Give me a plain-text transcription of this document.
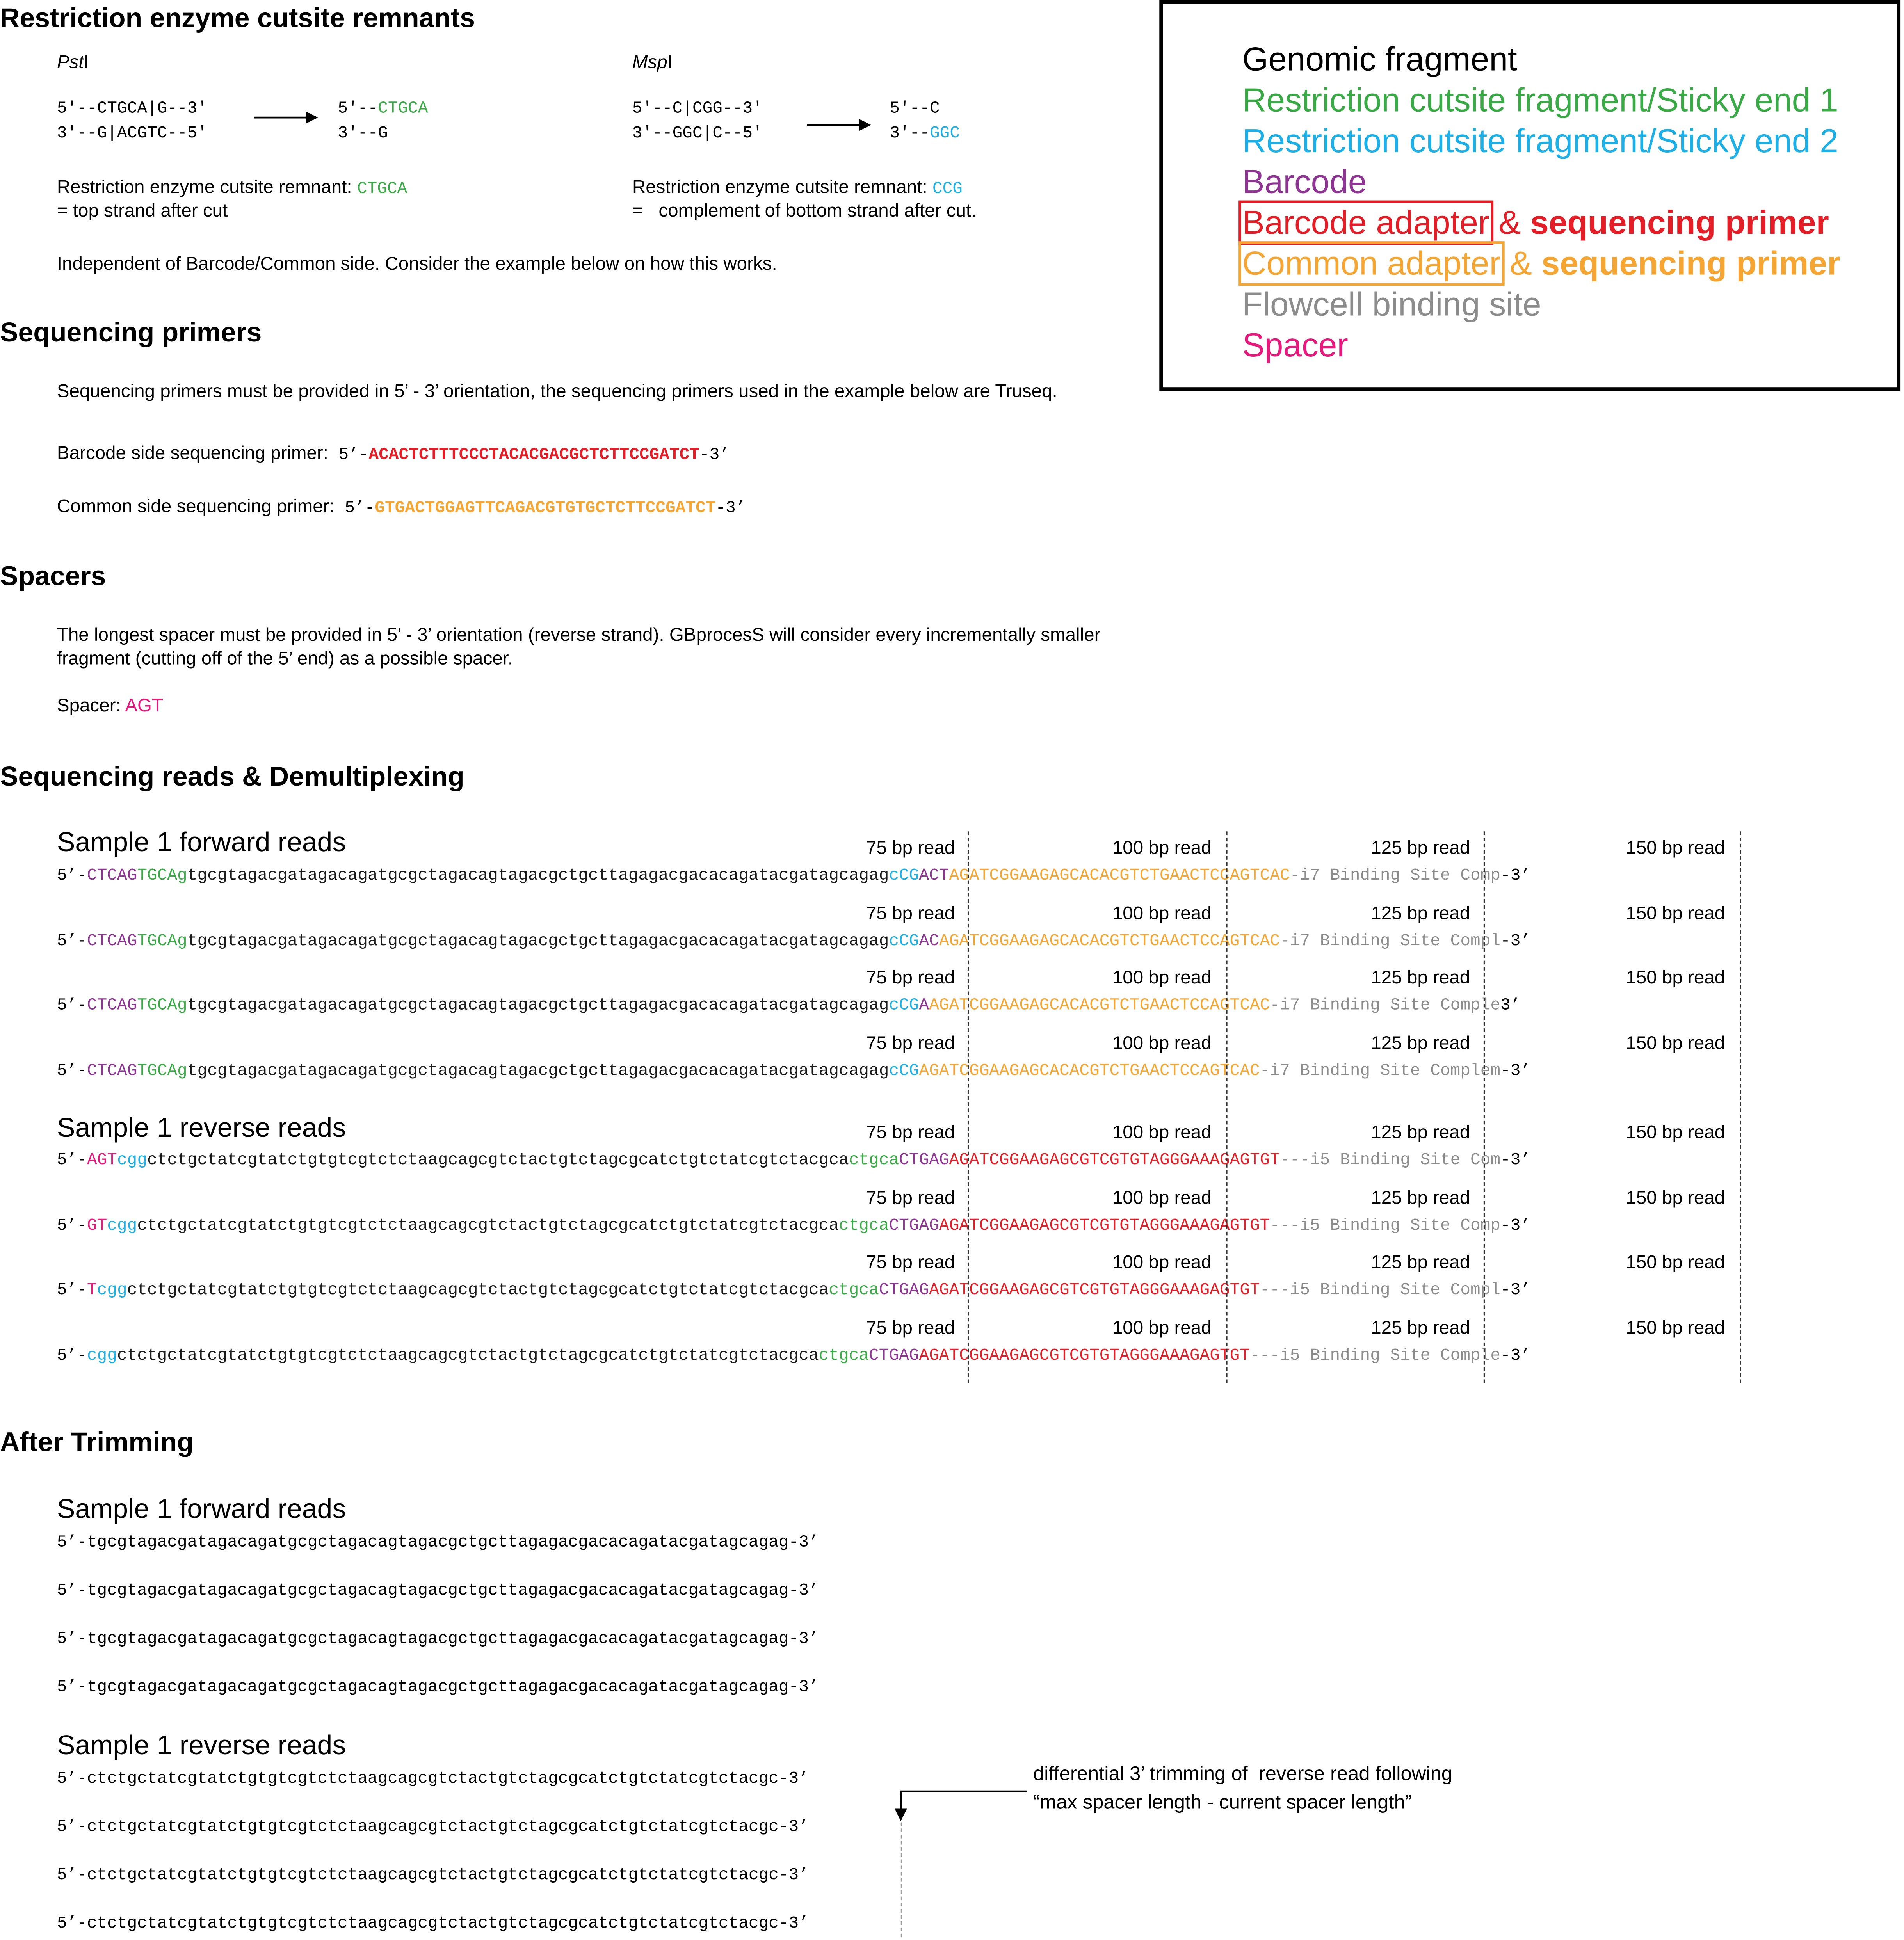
Restriction enzyme cutsite remnants
PstI
5'--CTGCA|G--3'
3'--G|ACGTC--5'
5'--CTGCA
3'--G
Restriction enzyme cutsite remnant: CTGCA
= top strand after cut
MspI
5'--C|CGG--3'
3'--GGC|C--5'
5'--C
3'--GGC
Restriction enzyme cutsite remnant: CCG
=	complement of bottom strand after cut.
Independent of Barcode/Common side. Consider the example below on how this works.
Genomic fragment
Restriction cutsite fragment/Sticky end 1
Restriction cutsite fragment/Sticky end 2
Barcode
Barcode adapter & sequencing primer
Common adapter & sequencing primer
Flowcell binding site
Spacer
Sequencing primers
Sequencing primers must be provided in 5’ - 3’ orientation, the sequencing primers used in the example below are Truseq.
Barcode side sequencing primer: 5’-ACACTCTTTCCCTACACGACGCTCTTCCGATCT-3’
Common side sequencing primer: 5’-GTGACTGGAGTTCAGACGTGTGCTCTTCCGATCT-3’
Spacers
The longest spacer must be provided in 5’ - 3’ orientation (reverse strand). GBprocesS will consider every incrementally smaller
fragment (cutting off of the 5’ end) as a possible spacer.
Spacer: AGT
Sequencing reads & Demultiplexing
Sample 1 forward reads
Sample 1 reverse reads
75 bp read	100 bp read	125 bp read	150 bp read
5’-CTCAGTGCAgtgcgtagacgatagacagatgcgctagacagtagacgctgcttagagacgacacagatacgatagcagagcCGACTAGATCGGAAGAGCACACGTCTGAACTCCAGTCAC-i7 Binding Site Comp-3’
75 bp read	100 bp read	125 bp read	150 bp read
5’-CTCAGTGCAgtgcgtagacgatagacagatgcgctagacagtagacgctgcttagagacgacacagatacgatagcagagcCGACAGATCGGAAGAGCACACGTCTGAACTCCAGTCAC-i7 Binding Site Compl-3’
75 bp read	100 bp read	125 bp read	150 bp read
5’-CTCAGTGCAgtgcgtagacgatagacagatgcgctagacagtagacgctgcttagagacgacacagatacgatagcagagcCGAAGATCGGAAGAGCACACGTCTGAACTCCAGTCAC-i7 Binding Site Comple3’
75 bp read	100 bp read	125 bp read	150 bp read
5’-CTCAGTGCAgtgcgtagacgatagacagatgcgctagacagtagacgctgcttagagacgacacagatacgatagcagagcCGAGATCGGAAGAGCACACGTCTGAACTCCAGTCAC-i7 Binding Site Complem-3’
75 bp read	100 bp read	125 bp read	150 bp read
5’-AGTcggctctgctatcgtatctgtgtcgtctctaagcagcgtctactgtctagcgcatctgtctatcgtctacgcactgcaCTGAGAGATCGGAAGAGCGTCGTGTAGGGAAAGAGTGT---i5 Binding Site Com-3’
75 bp read	100 bp read	125 bp read	150 bp read
5’-GTcggctctgctatcgtatctgtgtcgtctctaagcagcgtctactgtctagcgcatctgtctatcgtctacgcactgcaCTGAGAGATCGGAAGAGCGTCGTGTAGGGAAAGAGTGT---i5 Binding Site Comp-3’
75 bp read	100 bp read	125 bp read	150 bp read
5’-TcggctctgctatcgtatctgtgtcgtctctaagcagcgtctactgtctagcgcatctgtctatcgtctacgcactgcaCTGAGAGATCGGAAGAGCGTCGTGTAGGGAAAGAGTGT---i5 Binding Site Compl-3’
75 bp read	100 bp read	125 bp read	150 bp read
5’-cggctctgctatcgtatctgtgtcgtctctaagcagcgtctactgtctagcgcatctgtctatcgtctacgcactgcaCTGAGAGATCGGAAGAGCGTCGTGTAGGGAAAGAGTGT---i5 Binding Site Comple-3’
After Trimming
Sample 1 forward reads
5’-tgcgtagacgatagacagatgcgctagacagtagacgctgcttagagacgacacagatacgatagcagag-3’
5’-tgcgtagacgatagacagatgcgctagacagtagacgctgcttagagacgacacagatacgatagcagag-3’
5’-tgcgtagacgatagacagatgcgctagacagtagacgctgcttagagacgacacagatacgatagcagag-3’
5’-tgcgtagacgatagacagatgcgctagacagtagacgctgcttagagacgacacagatacgatagcagag-3’
Sample 1 reverse reads
5’-ctctgctatcgtatctgtgtcgtctctaagcagcgtctactgtctagcgcatctgtctatcgtctacgc-3’
5’-ctctgctatcgtatctgtgtcgtctctaagcagcgtctactgtctagcgcatctgtctatcgtctacgc-3’
5’-ctctgctatcgtatctgtgtcgtctctaagcagcgtctactgtctagcgcatctgtctatcgtctacgc-3’
5’-ctctgctatcgtatctgtgtcgtctctaagcagcgtctactgtctagcgcatctgtctatcgtctacgc-3’
differential 3’ trimming of  reverse read following
“max spacer length - current spacer length”
